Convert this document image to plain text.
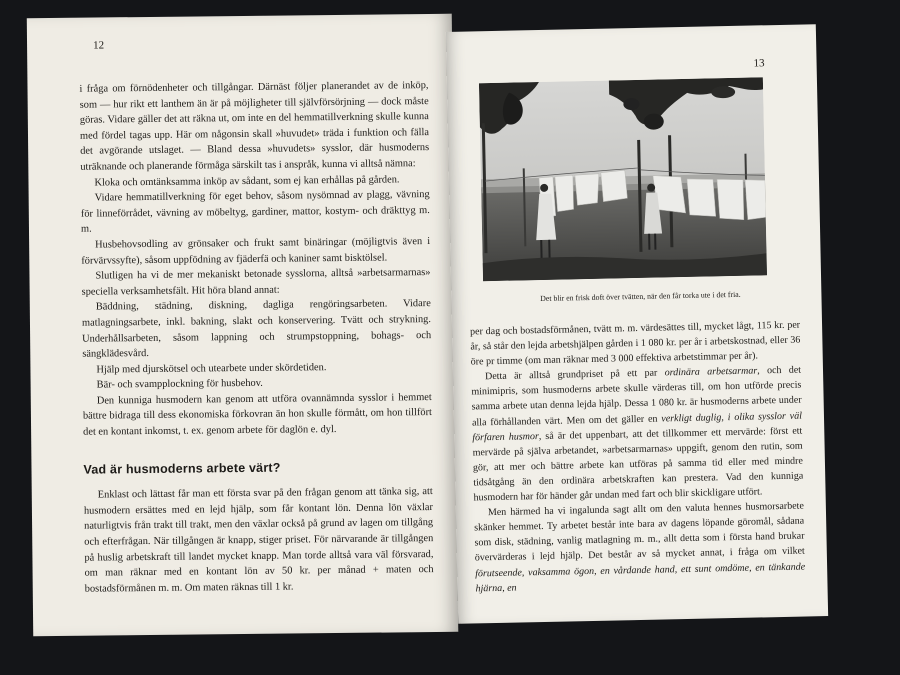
12

i fråga om förnödenheter och tillgångar. Därnäst följer planerandet av de inköp, som — hur rikt ett lanthem än är på möjligheter till självförsörjning — dock måste göras. Vidare gäller det att räkna ut, om inte en del hemmatillverkning skulle kunna med fördel tagas upp. Här om någonsin skall »huvudet» träda i funktion och fälla det avgörande utslaget. — Bland dessa »huvudets» sysslor, där husmoderns uträknande och planerande förmåga särskilt tas i anspråk, kunna vi alltså nämna:

Kloka och omtänksamma inköp av sådant, som ej kan erhållas på gården.

Vidare hemmatillverkning för eget behov, såsom nysömnad av plagg, vävning för linneförrådet, vävning av möbeltyg, gardiner, mattor, kostym- och dräkttyg m. m.

Husbehovsodling av grönsaker och frukt samt binäringar (möjligtvis även i förvärvssyfte), såsom uppfödning av fjäderfä och kaniner samt bisktölsel.

Slutligen ha vi de mer mekaniskt betonade sysslorna, alltså »arbetsarmarnas» speciella verksamhetsfält. Hit höra bland annat:

Bäddning, städning, diskning, dagliga rengöringsarbeten. Vidare matlagningsarbete, inkl. bakning, slakt och konservering. Tvätt och strykning. Underhållsarbeten, såsom lappning och strumpstoppning, bohags- och sängklädesvård.

Hjälp med djurskötsel och utearbete under skördetiden.

Bär- och svampplockning för husbehov.

Den kunniga husmodern kan genom att utföra ovannämnda sysslor i hemmet bättre bidraga till dess ekonomiska förkovran än hon skulle förmått, om hon tillfört det en kontant inkomst, t. ex. genom arbete för daglön e. dyl.

Vad är husmoderns arbete värt?

Enklast och lättast får man ett första svar på den frågan genom att tänka sig, att husmodern ersättes med en lejd hjälp, som får kontant lön. Denna lön växlar naturligtvis från trakt till trakt, men den växlar också på grund av lagen om tillgång och efterfrågan. När tillgången är knapp, stiger priset. För närvarande är tillgången på huslig arbetskraft till landet mycket knapp. Man torde alltså vara väl försvarad, om man räknar med en kontant lön av 50 kr. per månad + maten och bostadsförmånen m. m. Om maten räknas till 1 kr.

13
Det blir en frisk doft över tvätten, när den får torka ute i det fria.

per dag och bostadsförmånen, tvätt m. m. värdesättes till, mycket lågt, 115 kr. per år, så står den lejda arbetshjälpen gården i 1 080 kr. per år i arbetskostnad, eller 36 öre pr timme (om man räknar med 3 000 effektiva arbetstimmar per år).

Detta är alltså grundpriset på ett par ordinära arbetsarmar, och det minimipris, som husmoderns arbete skulle värderas till, om hon utförde precis samma arbete utan denna lejda hjälp. Dessa 1 080 kr. är husmoderns arbete under alla förhållanden värt. Men om det gäller en verkligt duglig, i olika sysslor väl förfaren husmor, så är det uppenbart, att det tillkommer ett mervärde: först ett mervärde på själva arbetandet, »arbetsarmarnas» uppgift, genom den rutin, som gör, att mer och bättre arbete kan utföras på samma tid eller med mindre tidsåtgång än den ordinära arbetskraften kan prestera. Vad den kunniga husmodern har för händer går undan med fart och blir skickligare utfört.

Men härmed ha vi ingalunda sagt allt om den valuta hennes husmorsarbete skänker hemmet. Ty arbetet består inte bara av dagens löpande göromål, sådana som disk, städning, vanlig matlagning m. m., allt detta som i första hand brukar övervärderas i lejd hjälp. Det består av så mycket annat, i fråga om vilket förutseende, vaksamma ögon, en vårdande hand, ett sunt omdöme, en tänkande hjärna, en
